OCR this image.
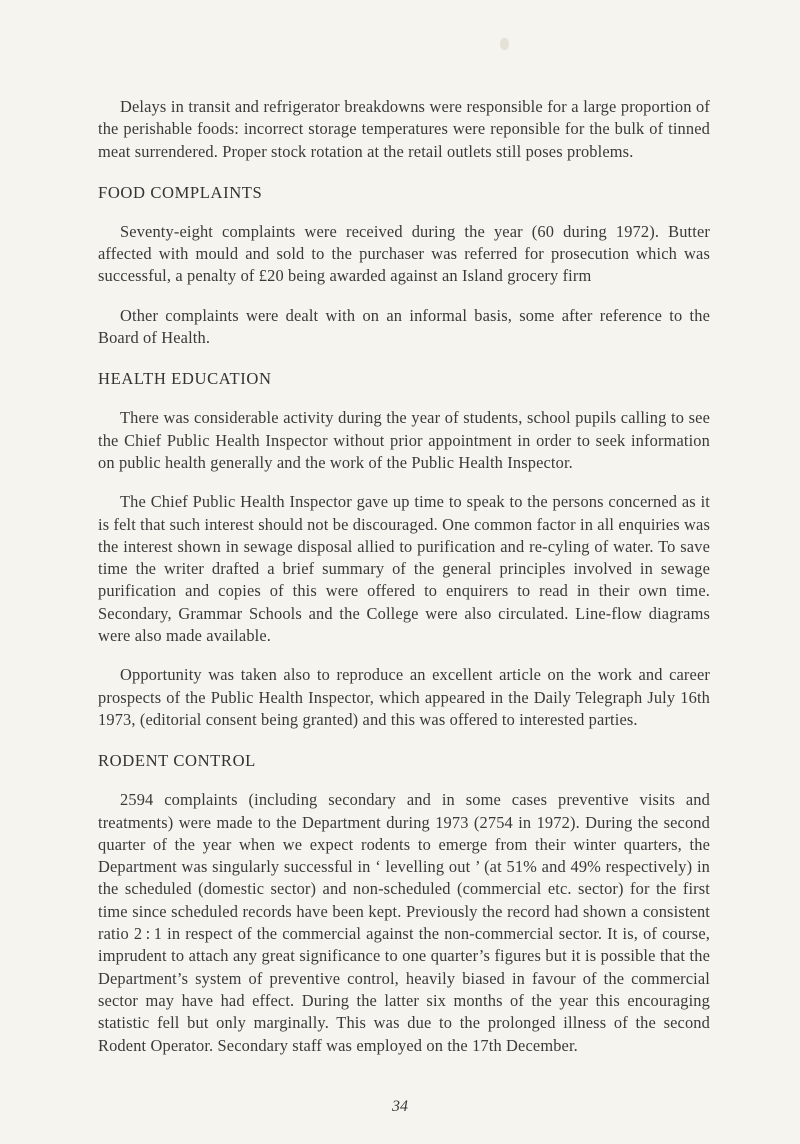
Delays in transit and refrigerator breakdowns were responsible for a large proportion of the perishable foods: incorrect storage temperatures were reponsible for the bulk of tinned meat surrendered. Proper stock rotation at the retail outlets still poses problems.

FOOD COMPLAINTS

Seventy-eight complaints were received during the year (60 during 1972). Butter affected with mould and sold to the purchaser was referred for prosecution which was successful, a penalty of £20 being awarded against an Island grocery firm

Other complaints were dealt with on an informal basis, some after reference to the Board of Health.

HEALTH EDUCATION

There was considerable activity during the year of students, school pupils calling to see the Chief Public Health Inspector without prior appointment in order to seek information on public health generally and the work of the Public Health Inspector.

The Chief Public Health Inspector gave up time to speak to the persons concerned as it is felt that such interest should not be discouraged. One common factor in all enquiries was the interest shown in sewage disposal allied to purification and re-cyling of water. To save time the writer drafted a brief summary of the general principles involved in sewage purification and copies of this were offered to enquirers to read in their own time. Secondary, Grammar Schools and the College were also circulated. Line-flow diagrams were also made available.

Opportunity was taken also to reproduce an excellent article on the work and career prospects of the Public Health Inspector, which appeared in the Daily Telegraph July 16th 1973, (editorial consent being granted) and this was offered to interested parties.

RODENT CONTROL

2594 complaints (including secondary and in some cases preventive visits and treatments) were made to the Department during 1973 (2754 in 1972). During the second quarter of the year when we expect rodents to emerge from their winter quarters, the Department was singularly successful in ‘ levelling out ’ (at 51% and 49% respectively) in the scheduled (domestic sector) and non-scheduled (commercial etc. sector) for the first time since scheduled records have been kept. Previously the record had shown a consistent ratio 2 : 1 in respect of the commercial against the non-commercial sector. It is, of course, imprudent to attach any great significance to one quarter’s figures but it is possible that the Department’s system of preventive control, heavily biased in favour of the commercial sector may have had effect. During the latter six months of the year this encouraging statistic fell but only marginally. This was due to the prolonged illness of the second Rodent Operator. Secondary staff was employed on the 17th December.

34
